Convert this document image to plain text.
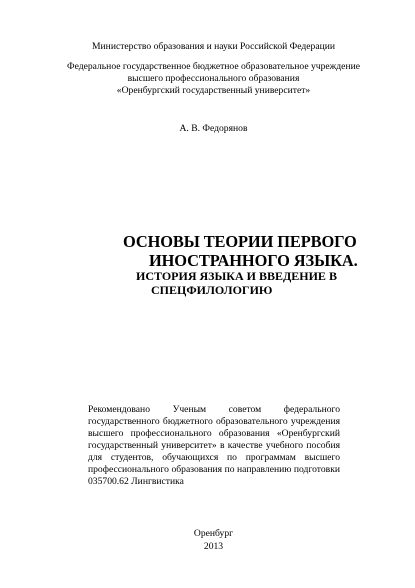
Министерство образования и науки Российской Федерации
Федеральное государственное бюджетное образовательное учреждение
высшего профессионального образования
«Оренбургский государственный университет»
А. В. Федорянов
ОСНОВЫ ТЕОРИИ ПЕРВОГО
ИНОСТРАННОГО ЯЗЫКА.
ИСТОРИЯ ЯЗЫКА И ВВЕДЕНИЕ В
СПЕЦФИЛОЛОГИЮ
Рекомендовано Ученым советом федерального государственного бюджетного образовательного учреждения высшего профессионального образования «Оренбургский государственный университет» в качестве учебного пособия для студентов, обучающихся по программам высшего профессионального образования по направлению подготовки 035700.62 Лингвистика
Оренбург
2013
